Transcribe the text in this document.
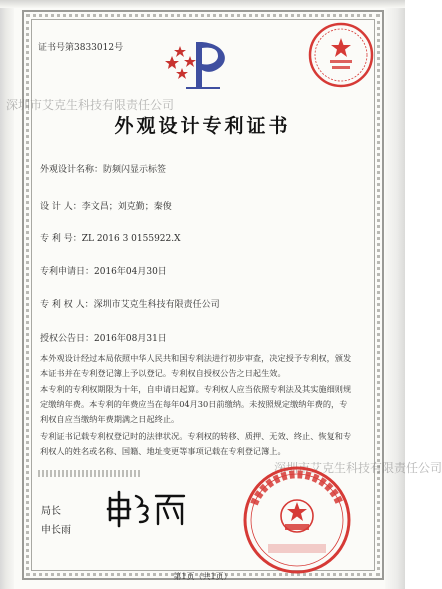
证书号第3833012号
深圳市艾克生科技有限责任公司
外观设计专利证书
外观设计名称：防频闪显示标签
设 计 人：李文昌；刘克勤；秦俊
专 利 号：ZL 2016 3 0155922.X
专利申请日：2016年04月30日
专 利 权 人：深圳市艾克生科技有限责任公司
授权公告日：2016年08月31日
本外观设计经过本局依照中华人民共和国专利法进行初步审查，决定授予专利权，颁发本证书并在专利登记簿上予以登记。专利权自授权公告之日起生效。
本专利的专利权期限为十年，自申请日起算。专利权人应当依照专利法及其实施细则规定缴纳年费。本专利的年费应当在每年04月30日前缴纳。未按照规定缴纳年费的，专利权自应当缴纳年费期满之日起终止。
专利证书记载专利权登记时的法律状况。专利权的转移、质押、无效、终止、恢复和专利权人的姓名或名称、国籍、地址变更等事项记载在专利登记簿上。
局长
申长雨
深圳市艾克生科技有限责任公司
第1页（共1页）
